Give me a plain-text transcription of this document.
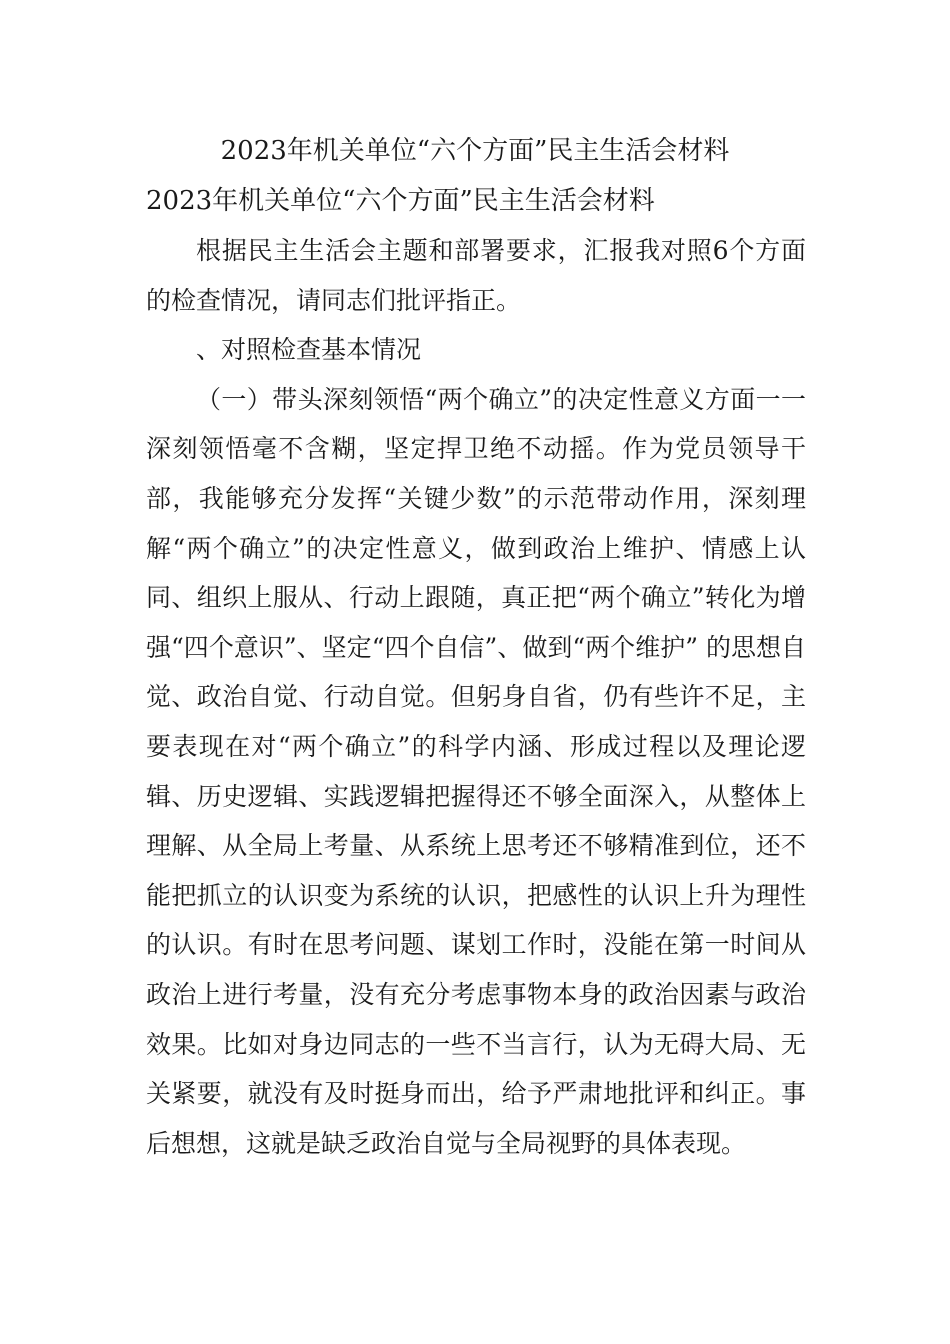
2023年机关单位“六个方面”民主生活会材料
2023年机关单位“六个方面”民主生活会材料

根据民主生活会主题和部署要求，汇报我对照6个方面的检查情况，请同志们批评指正。

、对照检查基本情况

（一）带头深刻领悟“两个确立”的决定性意义方面一一深刻领悟毫不含糊，坚定捍卫绝不动摇。作为党员领导干部，我能够充分发挥“关键少数”的示范带动作用，深刻理解“两个确立”的决定性意义，做到政治上维护、情感上认同、组织上服从、行动上跟随，真正把“两个确立”转化为增强“四个意识”、坚定“四个自信”、做到“两个维护” 的思想自觉、政治自觉、行动自觉。但躬身自省，仍有些许不足，主要表现在对“两个确立”的科学内涵、形成过程以及理论逻辑、历史逻辑、实践逻辑把握得还不够全面深入，从整体上理解、从全局上考量、从系统上思考还不够精准到位，还不能把抓立的认识变为系统的认识，把感性的认识上升为理性的认识。有时在思考问题、谋划工作时，没能在第一时间从政治上进行考量，没有充分考虑事物本身的政治因素与政治效果。比如对身边同志的一些不当言行，认为无碍大局、无关紧要，就没有及时挺身而出，给予严肃地批评和纠正。事后想想，这就是缺乏政治自觉与全局视野的具体表现。
